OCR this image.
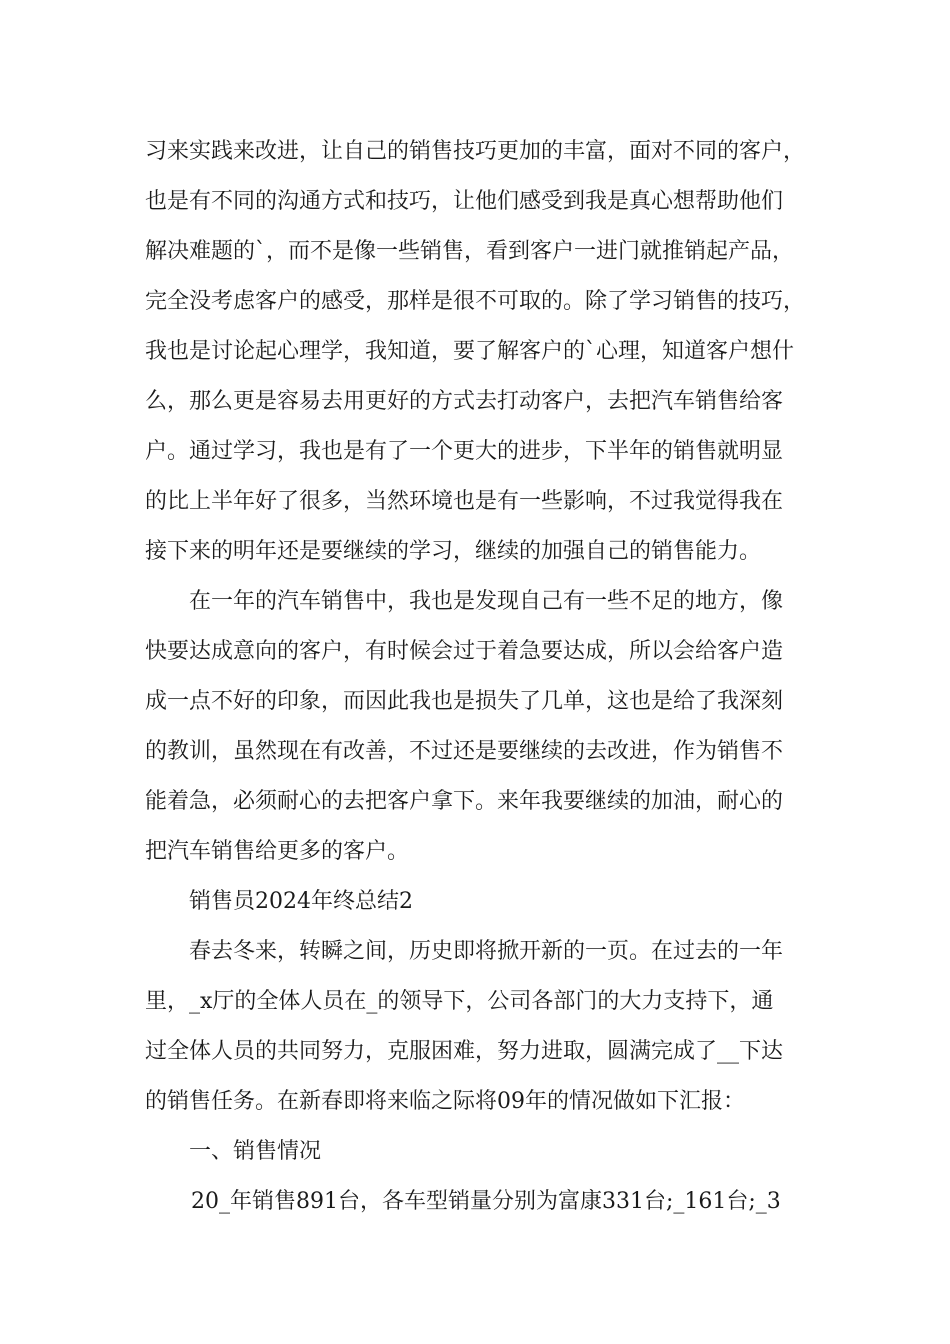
习来实践来改进，让自己的销售技巧更加的丰富，面对不同的客户，
也是有不同的沟通方式和技巧，让他们感受到我是真心想帮助他们
解决难题的`，而不是像一些销售，看到客户一进门就推销起产品，
完全没考虑客户的感受，那样是很不可取的。除了学习销售的技巧，
我也是讨论起心理学，我知道，要了解客户的`心理，知道客户想什
么，那么更是容易去用更好的方式去打动客户，去把汽车销售给客
户。通过学习，我也是有了一个更大的进步，下半年的销售就明显
的比上半年好了很多，当然环境也是有一些影响，不过我觉得我在
接下来的明年还是要继续的学习，继续的加强自己的销售能力。
在一年的汽车销售中，我也是发现自己有一些不足的地方，像
快要达成意向的客户，有时候会过于着急要达成，所以会给客户造
成一点不好的印象，而因此我也是损失了几单，这也是给了我深刻
的教训，虽然现在有改善，不过还是要继续的去改进，作为销售不
能着急，必须耐心的去把客户拿下。来年我要继续的加油，耐心的
把汽车销售给更多的客户。
销售员2024年终总结2
春去冬来，转瞬之间，历史即将掀开新的一页。在过去的一年
里，_x厅的全体人员在_的领导下，公司各部门的大力支持下，通
过全体人员的共同努力，克服困难，努力进取，圆满完成了__下达
的销售任务。在新春即将来临之际将09年的情况做如下汇报：
一、销售情况
20_年销售891台，各车型销量分别为富康331台;_161台;_3
